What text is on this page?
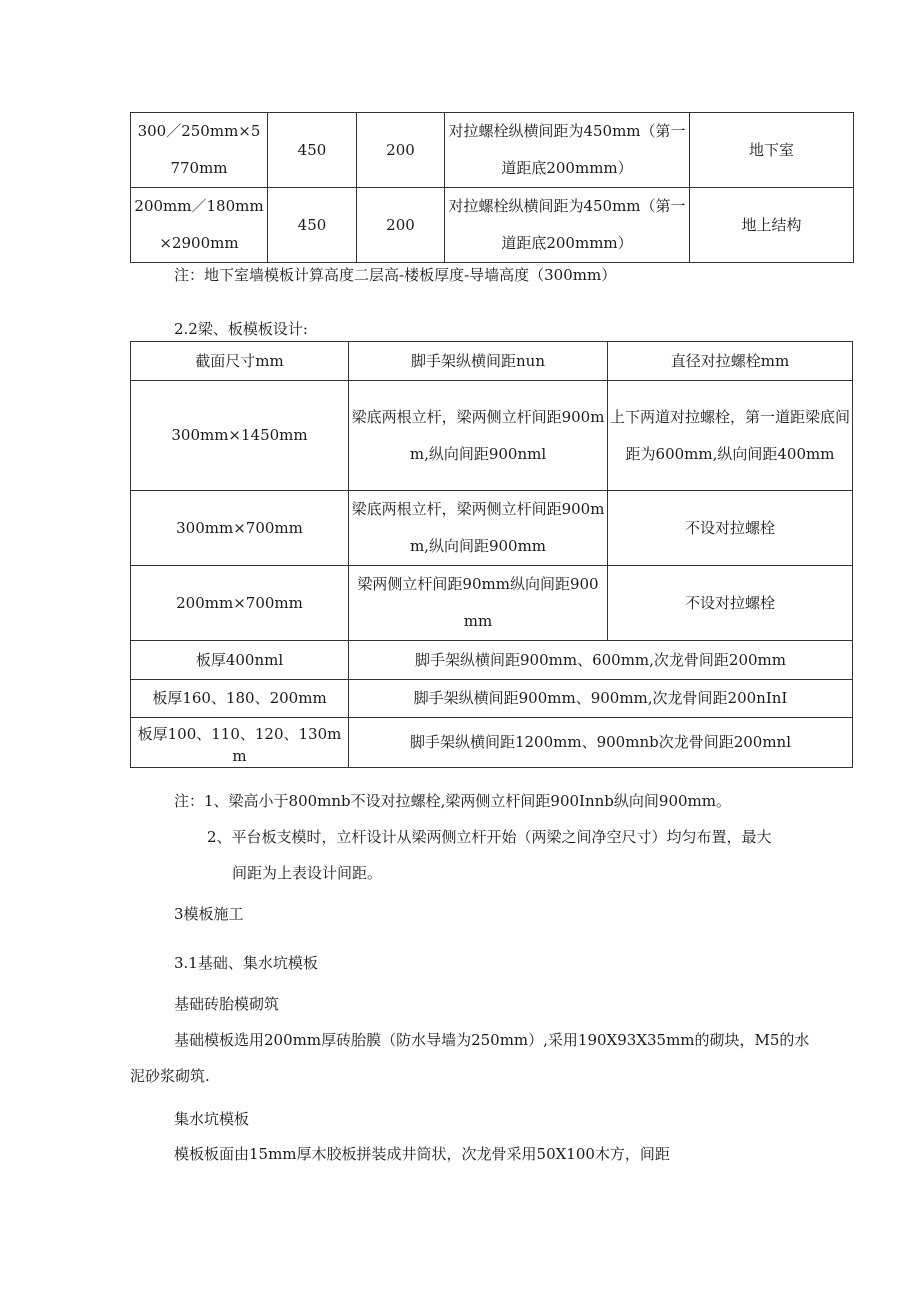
300／250mm×5770mm	450	200	对拉螺栓纵横间距为450mm（第一道距底200mmm）	地下室
200mm／180mm×2900mm	450	200	对拉螺栓纵横间距为450mm（第一道距底200mmm）	地上结构
注：地下室墙模板计算高度二层高-楼板厚度-导墙高度（300mm）
2.2梁、板模板设计:
截面尺寸mm	脚手架纵横间距nun	直径对拉螺栓mm
300mm×1450mm	梁底两根立杆，梁两侧立杆间距900mm,纵向间距900nml	上下两道对拉螺栓，第一道距梁底间距为600mm,纵向间距400mm
300mm×700mm	梁底两根立杆，梁两侧立杆间距900mm,纵向间距900mm	不设对拉螺栓
200mm×700mm	梁两侧立杆间距90mm纵向间距900mm	不设对拉螺栓
板厚400nml	脚手架纵横间距900mm、600mm,次龙骨间距200mm	
板厚160、180、200mm	脚手架纵横间距900mm、900mm,次龙骨间距200nInI	
板厚100、110、120、130mm	脚手架纵横间距1200mm、900mnb次龙骨间距200mnl	
注：1、梁高小于800mnb不设对拉螺栓,梁两侧立杆间距900Innb纵向间900mm。
2、平台板支模时，立杆设计从梁两侧立杆开始（两梁之间净空尺寸）均匀布置，最大
间距为上表设计间距。
3模板施工
3.1基础、集水坑模板
基础砖胎模砌筑
基础模板选用200mm厚砖胎膜（防水导墙为250mm）,采用190X93X35mm的砌块，M5的水
泥砂浆砌筑.
集水坑模板
模板板面由15mm厚木胶板拼装成井筒状，次龙骨采用50X100木方，间距
